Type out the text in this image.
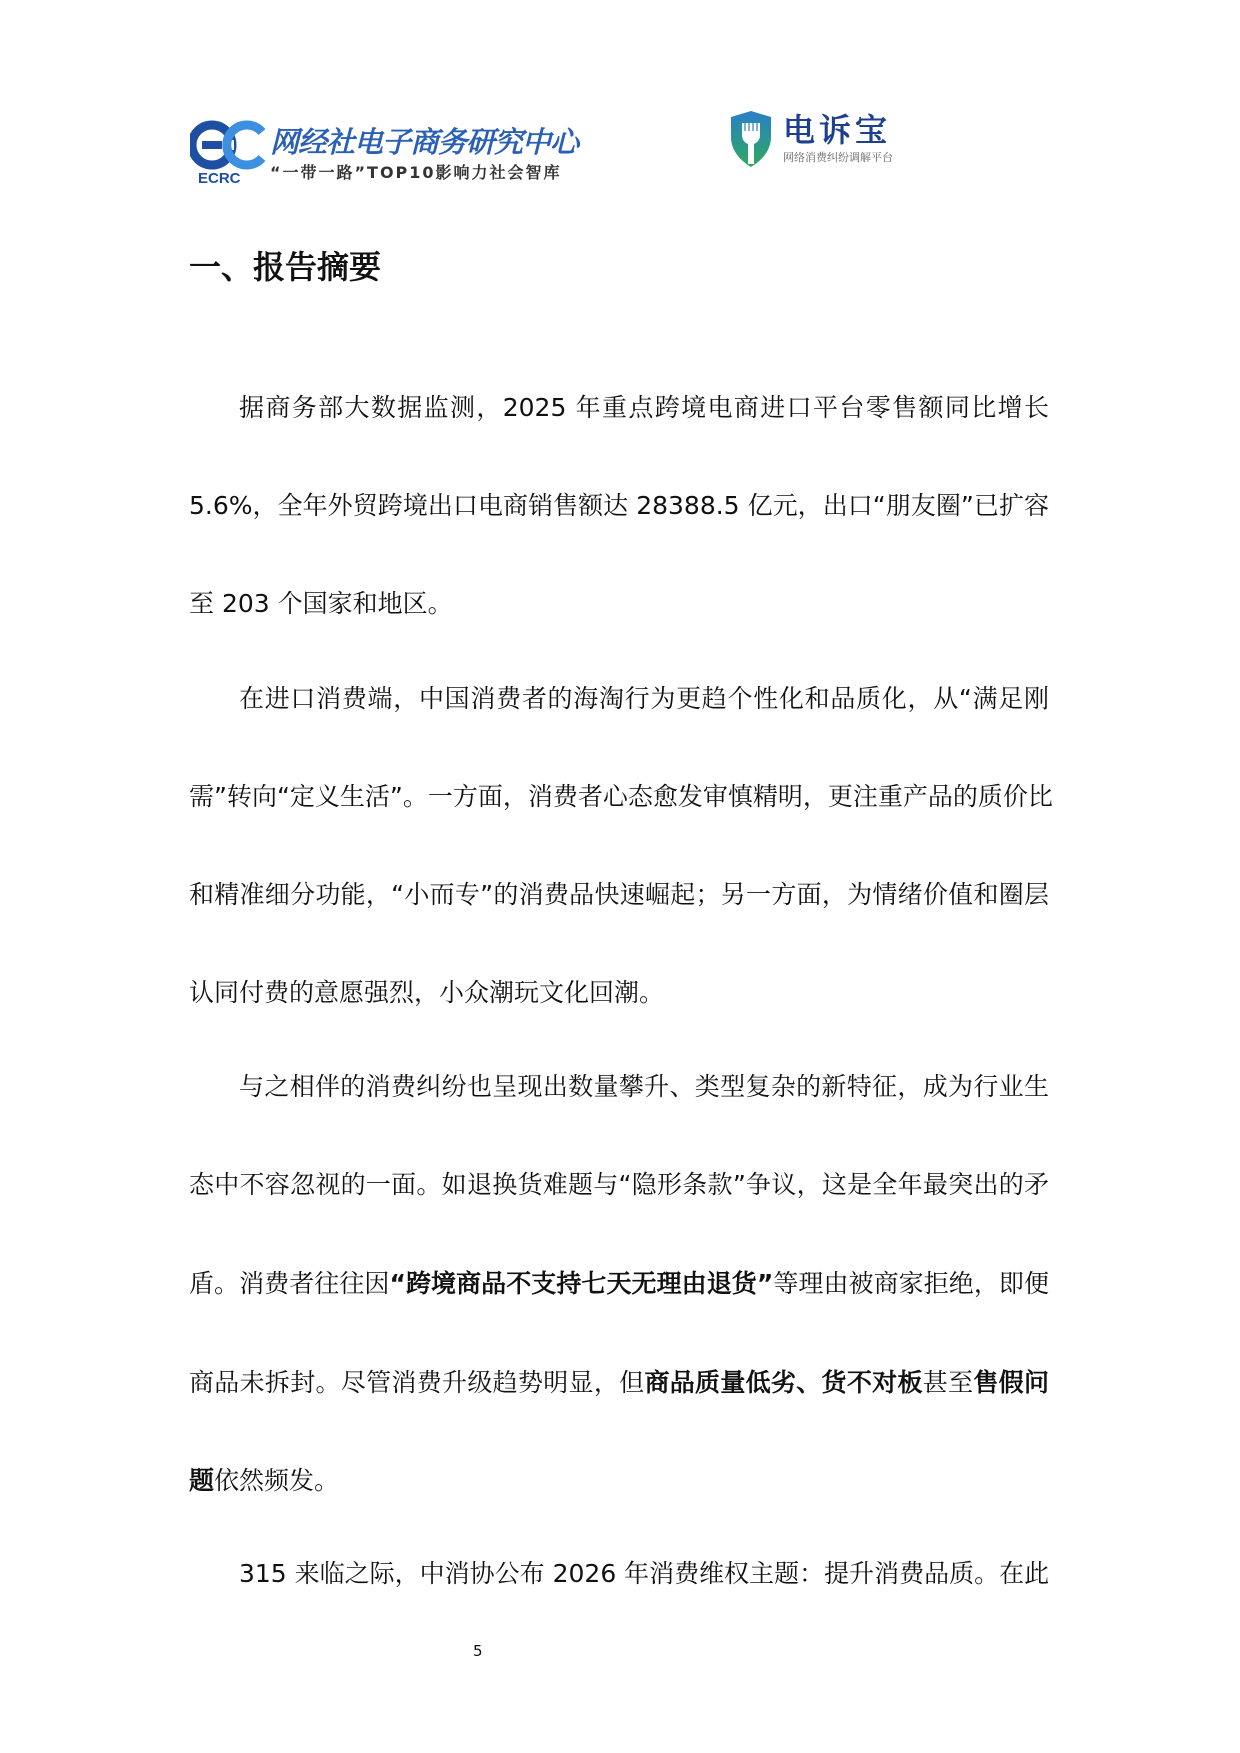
ECRC
网经社电子商务研究中心
“一带一路”TOP10影响力社会智库
电诉宝
网络消费纠纷调解平台
一、报告摘要
据商务部大数据监测，2025 年重点跨境电商进口平台零售额同比增长
5.6%，全年外贸跨境出口电商销售额达 28388.5 亿元，出口“朋友圈”已扩容
至 203 个国家和地区。
在进口消费端，中国消费者的海淘行为更趋个性化和品质化，从“满足刚
需”转向“定义生活”。一方面，消费者心态愈发审慎精明，更注重产品的质价比
和精准细分功能，“小而专”的消费品快速崛起；另一方面，为情绪价值和圈层
认同付费的意愿强烈，小众潮玩文化回潮。
与之相伴的消费纠纷也呈现出数量攀升、类型复杂的新特征，成为行业生
态中不容忽视的一面。如退换货难题与“隐形条款”争议，这是全年最突出的矛
盾。消费者往往因“跨境商品不支持七天无理由退货”等理由被商家拒绝，即便
商品未拆封。尽管消费升级趋势明显，但商品质量低劣、货不对板甚至售假问
题依然频发。
315 来临之际，中消协公布 2026 年消费维权主题：提升消费品质。在此
5
